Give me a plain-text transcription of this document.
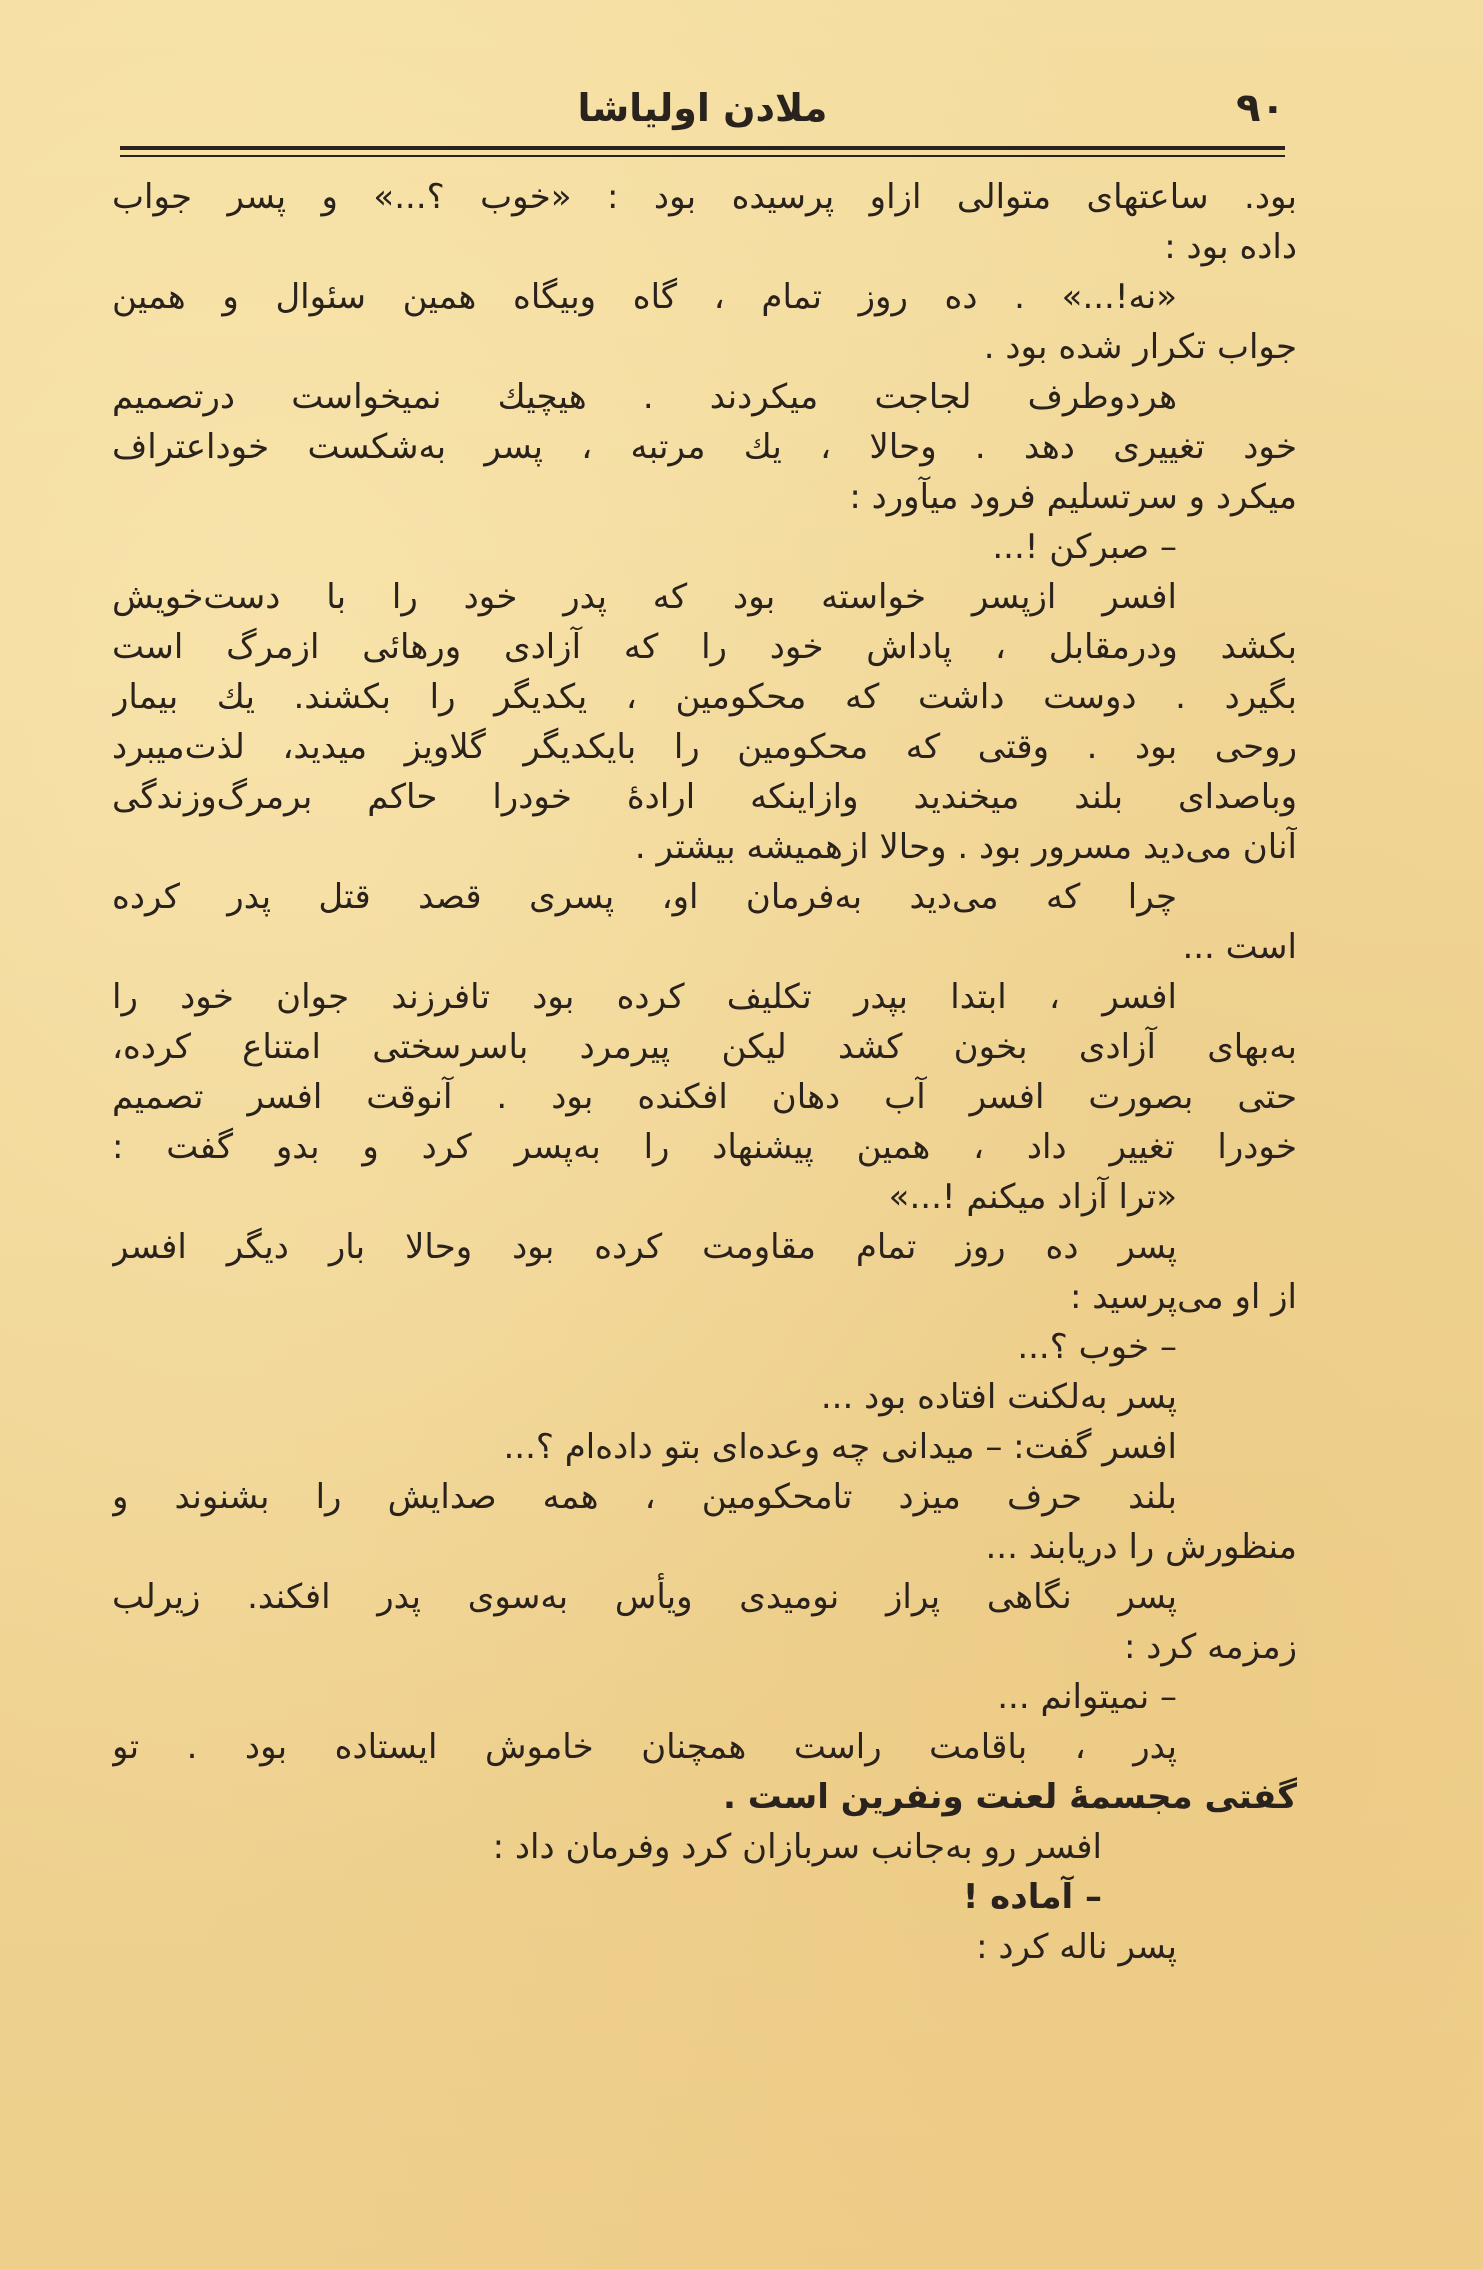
۹۰
ملادن اولیاشا
بود. ساعتهای متوالی ازاو پرسیده بود : «خوب ؟...» و پسر جواب
داده بود :
«نه!...» . ده روز تمام ، گاه وبیگاه همین سئوال و همین
جواب تکرار شده بود .
هردوطرف لجاجت میکردند . هیچیك نمیخواست درتصمیم
خود تغییری دهد . وحالا ، یك مرتبه ، پسر به‌شکست خوداعتراف
میکرد و سرتسلیم فرود میآورد :
– صبرکن !...
افسر ازپسر خواسته بود که پدر خود را با دست‌خویش
بکشد ودرمقابل ، پاداش خود را که آزادی ورهائی ازمرگ است
بگیرد . دوست داشت که محکومین ، یکدیگر را بکشند. یك بیمار
روحی بود . وقتی که محکومین را بایکدیگر گلاویز میدید، لذت‌میبرد
وباصدای بلند میخندید وازاینکه ارادهٔ خودرا حاکم برمرگ‌وزندگی
آنان می‌دید مسرور بود . وحالا ازهمیشه بیشتر .
چرا که می‌دید به‌فرمان او، پسری قصد قتل پدر کرده
است ...
افسر ، ابتدا بپدر تکلیف کرده بود تافرزند جوان خود را
به‌بهای آزادی بخون کشد لیکن پیرمرد باسرسختی امتناع کرده،
حتی بصورت افسر آب دهان افکنده بود . آنوقت افسر تصمیم
خودرا تغییر داد ، همین پیشنهاد را به‌پسر کرد و بدو گفت :
«ترا آزاد میکنم !...»
پسر ده روز تمام مقاومت کرده بود وحالا بار دیگر افسر
از او می‌پرسید :
– خوب ؟...
پسر به‌لکنت افتاده بود ...
افسر گفت: – میدانی چه وعده‌ای بتو داده‌ام ؟...
بلند حرف میزد تامحکومین ، همه صدایش را بشنوند و
منظورش را دریابند ...
پسر نگاهی پراز نومیدی ویأس به‌سوی پدر افکند. زیرلب
زمزمه کرد :
– نمیتوانم ...
پدر ، باقامت راست همچنان خاموش ایستاده بود . تو
گفتی مجسمهٔ لعنت ونفرین است .
افسر رو به‌جانب سربازان کرد وفرمان داد :
– آماده !
پسر ناله کرد :
